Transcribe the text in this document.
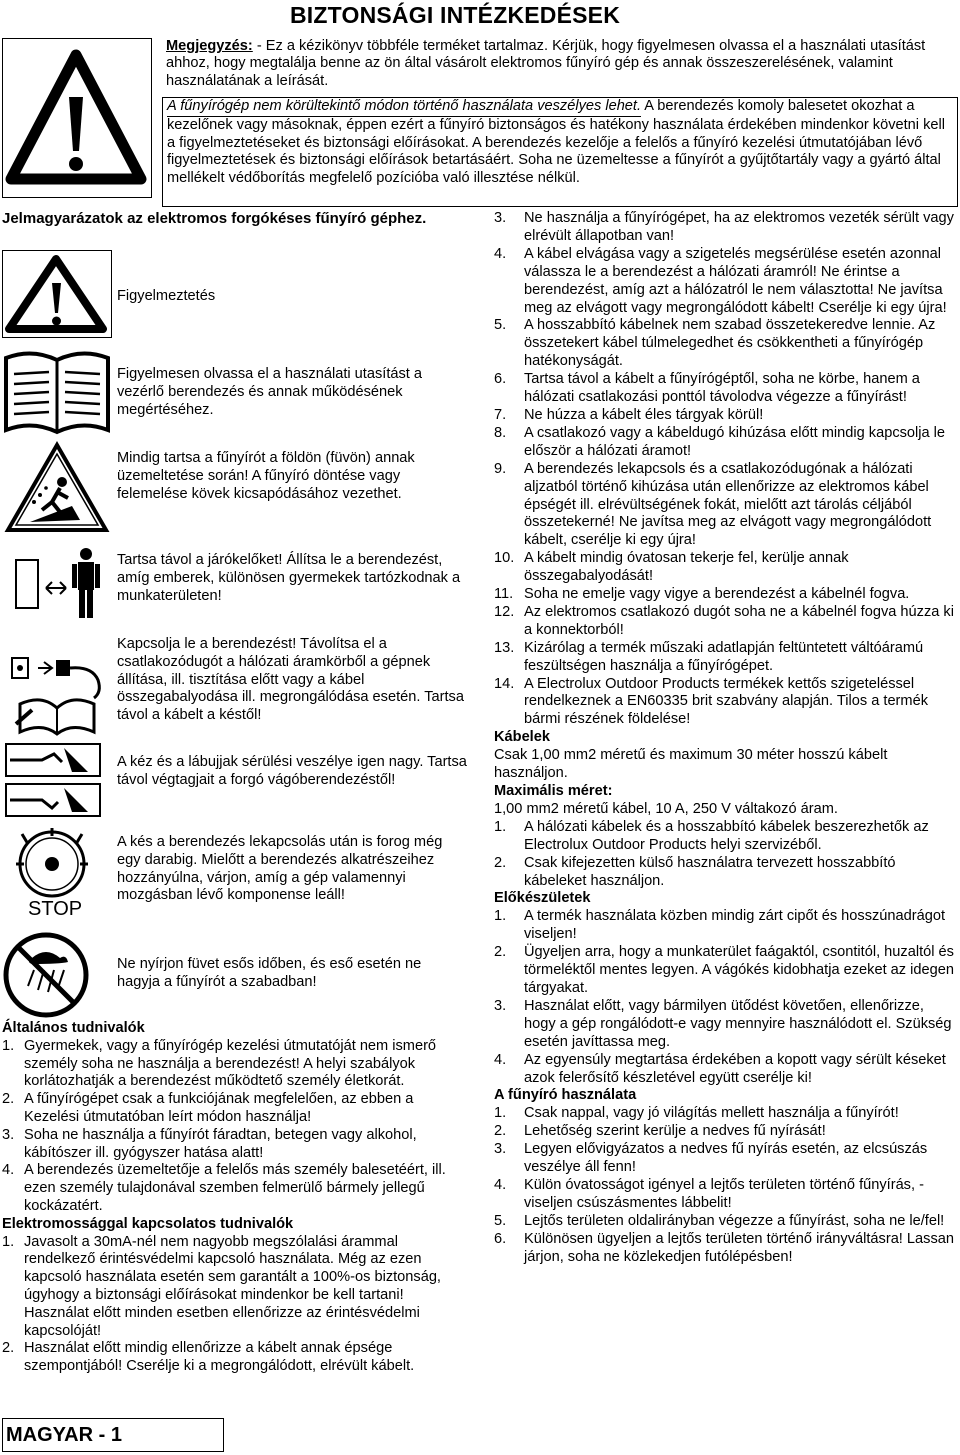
BIZTONSÁGI INTÉZKEDÉSEK
Megjegyzés: - Ez a kézikönyv többféle terméket tartalmaz. Kérjük, hogy figyelmesen olvassa el a használati utasítást ahhoz, hogy megtalálja benne az ön által vásárolt elektromos fűnyíró gép és annak összeszerelésének, valamint használatának a leírását.
A fűnyírógép nem körültekintő módon történő használata veszélyes lehet. A berendezés komoly balesetet okozhat a kezelőnek vagy másoknak, éppen ezért a fűnyíró biztonságos és hatékony használata érdekében mindenkor követni kell a figyelmeztetéseket és biztonsági előírásokat. A berendezés kezelője a felelős a fűnyíró kezelési útmutatójában lévő figyelmeztetések és biztonsági előírások betartásáért. Soha ne üzemeltesse a fűnyírót a gyűjtőtartály vagy a gyártó által mellékelt védőborítás megfelelő pozícióba való illesztése nélkül.
Jelmagyarázatok az elektromos forgókéses fűnyíró géphez.
Figyelmeztetés
Figyelmesen olvassa el a használati utasítást a vezérlő berendezés és annak működésének megértéséhez.
Mindig tartsa a fűnyírót a földön (füvön) annak üzemeltetése során! A fűnyíró döntése vagy felemelése kövek kicsapódásához vezethet.
Tartsa távol a járókelőket! Állítsa le a berendezést, amíg emberek, különösen gyermekek tartózkodnak a munkaterületen!
Kapcsolja le a berendezést! Távolítsa el a csatlakozódugót a hálózati áramkörből a gépnek állítása, ill. tisztítása előtt vagy a kábel összegabalyodása ill. megrongálódása esetén. Tartsa távol a kábelt a késtől!
A kéz és a lábujjak sérülési veszélye igen nagy. Tartsa távol végtagjait a forgó vágóberendezéstől!
STOP
A kés a berendezés lekapcsolás után is forog még egy darabig. Mielőtt a berendezés alkatrészeihez hozzányúlna, várjon, amíg a gép valamennyi mozgásban lévő komponense leáll!
Ne nyírjon füvet esős időben, és eső esetén ne hagyja a fűnyírót a szabadban!
Általános tudnivalók
1. Gyermekek, vagy a fűnyírógép kezelési útmutatóját nem ismerő személy soha ne használja a berendezést! A helyi szabályok korlátozhatják a berendezést működtető személy életkorát.
2. A fűnyírógépet csak a funkciójának megfelelően, az ebben a Kezelési útmutatóban leírt módon használja!
3. Soha ne használja a fűnyírót fáradtan, betegen vagy alkohol, kábítószer ill. gyógyszer hatása alatt!
4. A berendezés üzemeltetője a felelős más személy balesetéért, ill. ezen személy tulajdonával szemben felmerülő bármely jellegű kockázatért.
Elektromossággal kapcsolatos tudnivalók
1. Javasolt a 30mA-nél nem nagyobb megszólalási árammal rendelkező érintésvédelmi kapcsoló használata. Még az ezen kapcsoló használata esetén sem garantált a 100%-os biztonság, úgyhogy a biztonsági előírásokat mindenkor be kell tartani! Használat előtt minden esetben ellenőrizze az érintésvédelmi kapcsolóját!
2. Használat előtt mindig ellenőrizze a kábelt annak épsége szempontjából! Cserélje ki a megrongálódott, elrévült kábelt.
3.	Ne használja a fűnyírógépet, ha az elektromos vezeték sérült vagy elrévült állapotban van!
4.	A kábel elvágása vagy a szigetelés megsérülése esetén azonnal válassza le a berendezést a hálózati áramról! Ne érintse a berendezést, amíg azt a hálózatról le nem választotta! Ne javítsa meg az elvágott vagy megrongálódott kábelt! Cserélje ki egy újra!
5.	A hosszabbító kábelnek nem szabad összetekeredve lennie. Az összetekert kábel túlmelegedhet és csökkentheti a fűnyírógép hatékonyságát.
6.	Tartsa távol a kábelt a fűnyírógéptől, soha ne körbe, hanem a hálózati csatlakozási ponttól távolodva végezze a fűnyírást!
7.	Ne húzza a kábelt éles tárgyak körül!
8.	A csatlakozó vagy a kábeldugó kihúzása előtt mindig kapcsolja le először a hálózati áramot!
9.	A berendezés lekapcsols és a csatlakozódugónak a hálózati aljzatból történő kihúzása után ellenőrizze az elektromos kábel épségét ill. elrévültségének fokát, mielőtt azt tárolás céljából összetekerné! Ne javítsa meg az elvágott vagy megrongálódott kábelt, cserélje ki egy újra!
10. A kábelt mindig óvatosan tekerje fel, kerülje annak összegabalyodását!
11. Soha ne emelje vagy vigye a berendezést a kábelnél fogva.
12. Az elektromos csatlakozó dugót soha ne a kábelnél fogva húzza ki a konnektorból!
13. Kizárólag a termék műszaki adatlapján feltüntetett váltóáramú feszültségen használja a fűnyírógépet.
14. A Electrolux Outdoor Products termékek kettős szigeteléssel rendelkeznek a EN60335 brit szabvány alapján. Tilos a termék bármi részének földelése!
Kábelek
Csak 1,00 mm2 méretű és maximum 30 méter hosszú kábelt használjon.
Maximális méret:
1,00 mm2 méretű kábel, 10 A, 250 V váltakozó áram.
1.	A hálózati kábelek és a hosszabbító kábelek beszerezhetők az Electrolux Outdoor Products helyi szervizéből.
2.	Csak kifejezetten külső használatra tervezett hosszabbító kábeleket használjon.
Előkészületek
1.	A termék használata közben mindig zárt cipőt és hosszúnadrágot viseljen!
2.	Ügyeljen arra, hogy a munkaterület faágaktól, csontitól, huzaltól és törmeléktől mentes legyen. A vágókés kidobhatja ezeket az idegen tárgyakat.
3.	Használat előtt, vagy bármilyen ütődést követően, ellenőrizze, hogy a gép rongálódott-e vagy mennyire használódott el. Szükség esetén javíttassa meg.
4.	Az egyensúly megtartása érdekében a kopott vagy sérült késeket azok felerősítő készletével együtt cserélje ki!
A fűnyíró használata
1.	Csak nappal, vagy jó világítás mellett használja a fűnyírót!
2.	Lehetőség szerint kerülje a nedves fű nyírását!
3.	Legyen elővigyázatos a nedves fű nyírás esetén, az elcsúszás veszélye áll fenn!
4.	Külön óvatosságot igényel a lejtős területen történő fűnyírás, - viseljen csúszásmentes lábbelit!
5.	Lejtős területen oldalirányban végezze a fűnyírást, soha ne le/fel!
6.	Különösen ügyeljen a lejtős területen történő irányváltásra! Lassan járjon, soha ne közlekedjen futólépésben!
MAGYAR - 1
